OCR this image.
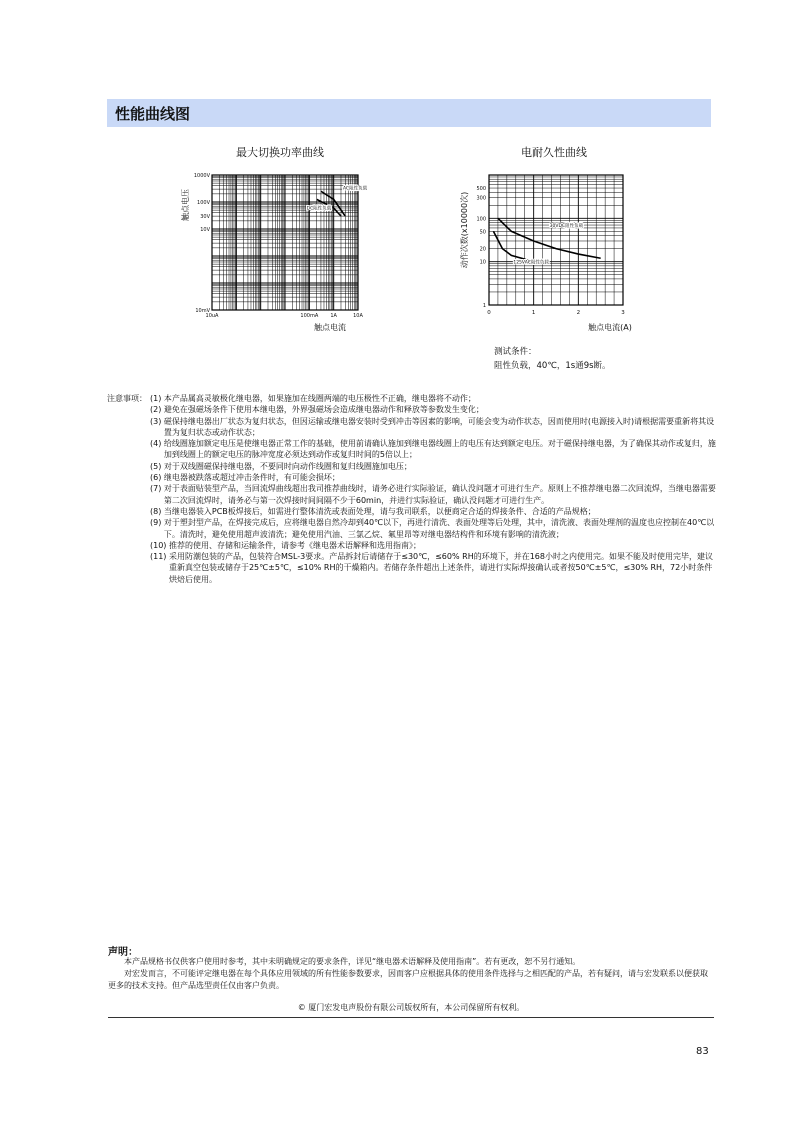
性能曲线图
最大切换功率曲线
10uA	100mA 1A	10A
1000V
100V
30V
10V
10mV
触点电流
触点电压
AC阻性负载
DC阻性负载
电耐久性曲线
0	1	2	3
500
300
100
50
20
10
1
触点电流(A)
动作次数(x10000次)	30VDC阻性负载
125VAC阻性负载
测试条件：
阻性负载，40℃，1s通9s断。
注意事项： (1) 本产品属高灵敏极化继电器，如果施加在线圈两端的电压极性不正确，继电器将不动作；
(2) 避免在强磁场条件下使用本继电器，外界强磁场会造成继电器动作和释放等参数发生变化；
(3) 磁保持继电器出厂状态为复归状态，但因运输或继电器安装时受到冲击等因素的影响，可能会变为动作状态，因而使用时(电源接入时)请根据需要重新将其设置为复归状态或动作状态；
(4) 给线圈施加额定电压是使继电器正常工作的基础，使用前请确认施加到继电器线圈上的电压有达到额定电压。对于磁保持继电器，为了确保其动作或复归，施加到线圈上的额定电压的脉冲宽度必须达到动作或复归时间的5倍以上；
(5) 对于双线圈磁保持继电器，不要同时向动作线圈和复归线圈施加电压；
(6) 继电器被跌落或超过冲击条件时，有可能会损坏；
(7) 对于表面贴装型产品，当回流焊曲线超出我司推荐曲线时，请务必进行实际验证，确认没问题才可进行生产。原则上不推荐继电器二次回流焊，当继电器需要第二次回流焊时，请务必与第一次焊接时间间隔不少于60min，并进行实际验证，确认没问题才可进行生产。
(8) 当继电器装入PCB板焊接后，如需进行整体清洗或表面处理，请与我司联系，以便商定合适的焊接条件、合适的产品规格；
(9) 对于塑封型产品，在焊接完成后，应将继电器自然冷却到40℃以下，再进行清洗、表面处理等后处理，其中，清洗液、表面处理剂的温度也应控制在40℃以下。清洗时，避免使用超声波清洗；避免使用汽油、三氯乙烷、氟里昂等对继电器结构件和环境有影响的清洗液；
(10) 推荐的使用、存储和运输条件，请参考《继电器术语解释和选用指南》；
(11) 采用防潮包装的产品，包装符合MSL-3要求。产品拆封后请储存于≤30℃，≤60% RH的环境下，并在168小时之内使用完。如果不能及时使用完毕，建议重新真空包装或储存于25℃±5℃，≤10% RH的干燥箱内。若储存条件超出上述条件，请进行实际焊接确认或者按50℃±5℃，≤30% RH，72小时条件烘焙后使用。
声明：

本产品规格书仅供客户使用时参考，其中未明确规定的要求条件，详见“继电器术语解释及使用指南”。若有更改，恕不另行通知。

对宏发而言，不可能评定继电器在每个具体应用领域的所有性能参数要求，因而客户应根据具体的使用条件选择与之相匹配的产品，若有疑问，请与宏发联系以便获取更多的技术支持。但产品选型责任仅由客户负责。

© 厦门宏发电声股份有限公司版权所有，本公司保留所有权利。
83
